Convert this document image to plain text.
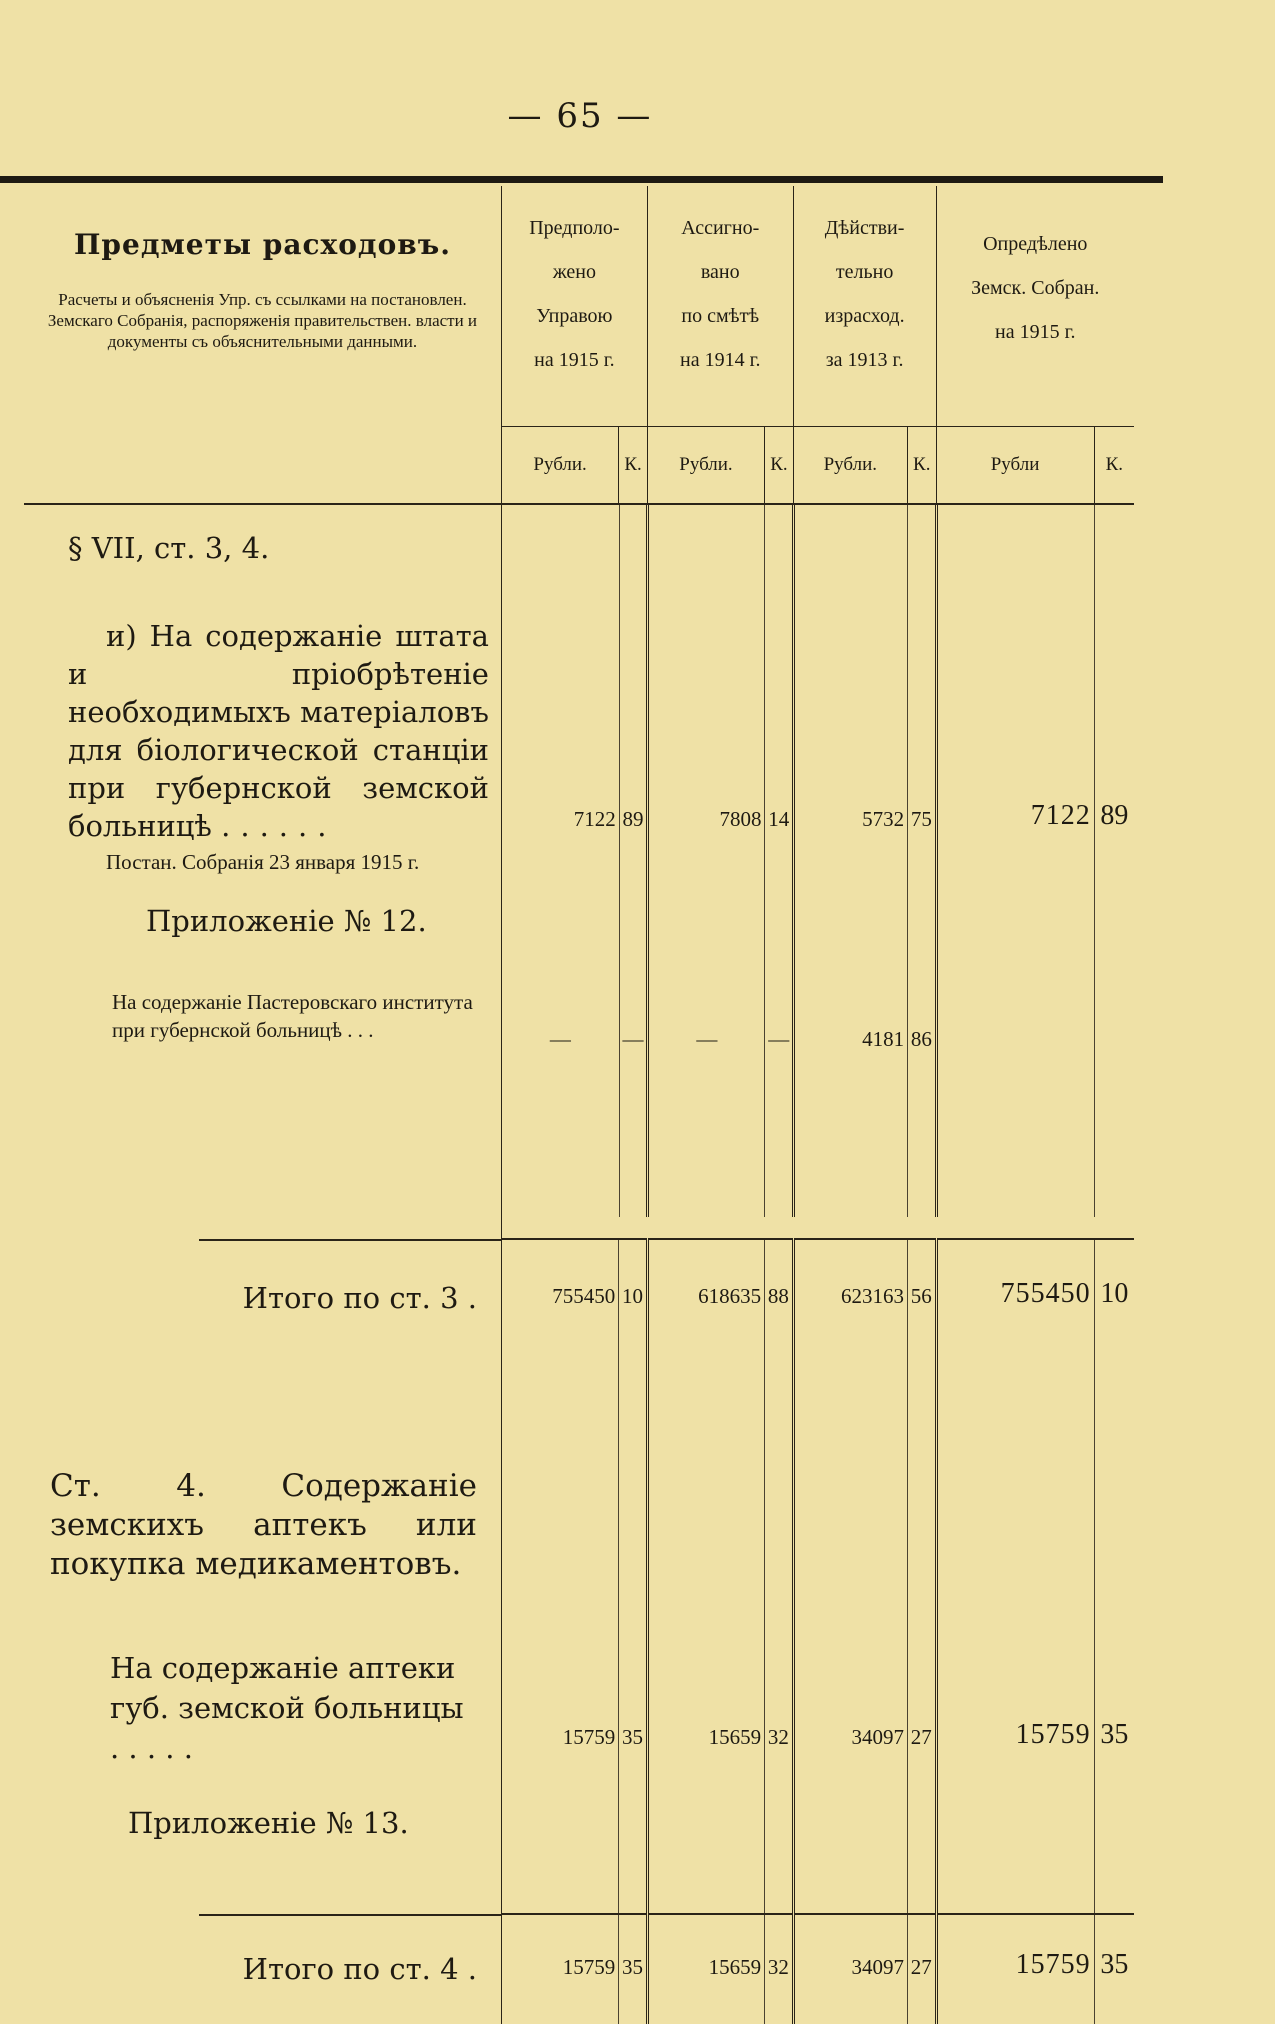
— 65 —
Предметы расходовъ.
Расчеты и объясненія Упр. съ ссылками на постановлен. Земскаго Собранія, распоряженія правительствен. власти и документы съ объяснительными данными.

Предполо-
жено
Управою
на 1915 г.

Ассигно-
вано
по смѣтѣ
на 1914 г.

Дѣйстви-
тельно
израсход.
за 1913 г.

Опредѣлено
Земск. Собран.
на 1915 г.

Рубли.	К.	Рубли.	К.	Рубли.	К.	Рубли	К.

§ VII, ст. 3, 4.
и) На содержаніе штата и пріобрѣтеніе необходимыхъ матеріаловъ для біологической станціи при губернской земской больницѣ ......
Постан. Собранія 23 января 1915 г.
Приложеніе № 12.
На содержаніе Пастеровскаго института при губернской больницѣ . . .

7122	89	7808	14	5732	75	7122	89

—	—	—	—	4181	86		

Итого по ст. 3 .	755450	10	618635	88	623163	56	755450	10

Ст. 4. Содержаніе земскихъ аптекъ или покупка медикаментовъ.
На содержаніе аптеки губ. земской больницы . . . . .
Приложеніе № 13.
	15759	35	15659	32	34097	27	15759	35

Итого по ст. 4 .	15759	35	15659	32	34097	27	15759	35
